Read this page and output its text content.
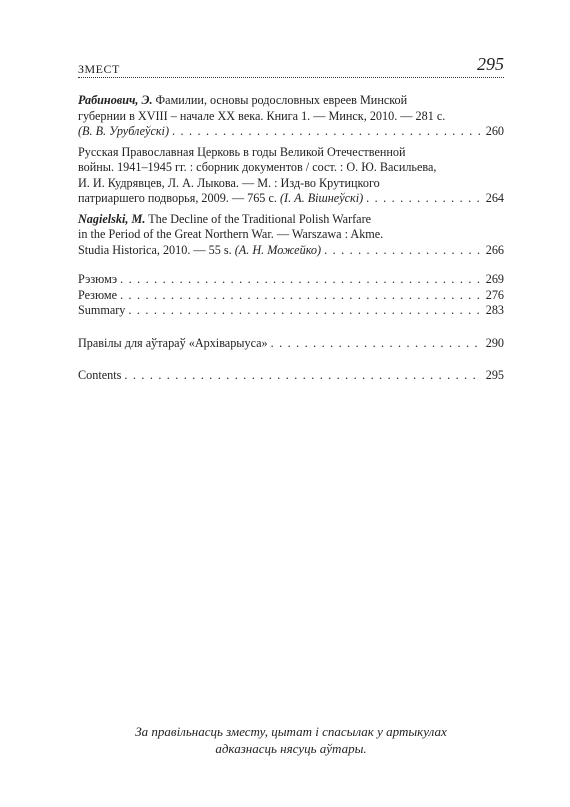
ЗМЕСТ	295
Рабинович, Э. Фамилии, основы родословных евреев Минской
губернии в XVIII – начале XX века. Книга 1. — Минск, 2010. — 281 с.
(В. В. Урублеўскі) . . .	260
Русская Православная Церковь в годы Великой Отечественной
войны. 1941–1945 гг. : сборник документов / сост. : О. Ю. Васильева,
И. И. Кудрявцев, Л. А. Лыкова. — М. : Изд-во Крутицкого
патриаршего подворья, 2009. — 765 с. (І. А. Вішнеўскі) . . .	264
Nagielski, M. The Decline of the Traditional Polish Warfare
in the Period of the Great Northern War. — Warszawa : Akme.
Studia Historica, 2010. — 55 s. (А. Н. Можейко) . . .	266
Рэзюмэ . . .	269
Резюме . . .	276
Summary . . .	283
Правілы для аўтараў «Архіварыуса» . . .	290
Contents . . .	295
За правільнасць зместу, цытат і спасылак у артыкулах
адказнасць нясуць аўтары.
